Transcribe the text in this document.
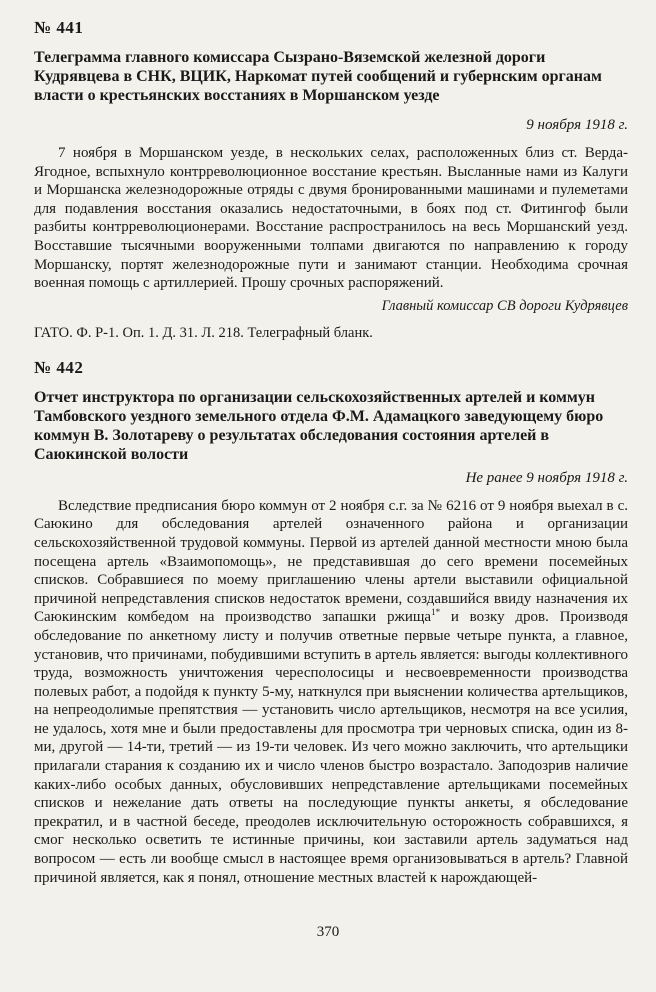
№ 441

Телеграмма главного комиссара Сызрано-Вяземской железной дороги Кудрявцева в СНК, ВЦИК, Наркомат путей сообщений и губернским органам власти о крестьянских восстаниях в Моршанском уезде

9 ноября 1918 г.

7 ноября в Моршанском уезде, в нескольких селах, расположенных близ ст. Верда-Ягодное, вспыхнуло контрреволюционное восстание крестьян. Высланные нами из Калуги и Моршанска железнодорожные отряды с двумя бронированными машинами и пулеметами для подавления восстания оказались недостаточными, в боях под ст. Фитингоф были разбиты контрреволюционерами. Восстание распространилось на весь Моршанский уезд. Восставшие тысячными вооруженными толпами двигаются по направлению к городу Моршанску, портят железнодорожные пути и занимают станции. Необходима срочная военная помощь с артиллерией. Прошу срочных распоряжений.

Главный комиссар СВ дороги Кудрявцев

ГАТО. Ф. Р-1. Оп. 1. Д. 31. Л. 218. Телеграфный бланк.

№ 442

Отчет инструктора по организации сельскохозяйственных артелей и коммун Тамбовского уездного земельного отдела Ф.М. Адамацкого заведующему бюро коммун В. Золотареву о результатах обследования состояния артелей в Саюкинской волости

Не ранее 9 ноября 1918 г.

Вследствие предписания бюро коммун от 2 ноября с.г. за № 6216 от 9 ноября выехал в с. Саюкино для обследования артелей означенного района и организации сельскохозяйственной трудовой коммуны. Первой из артелей данной местности мною была посещена артель «Взаимопомощь», не представившая до сего времени посемейных списков. Собравшиеся по моему приглашению члены артели выставили официальной причиной непредставления списков недостаток времени, создавшийся ввиду назначения их Саюкинским комбедом на производство запашки ржища$^{1*}$ и возку дров. Производя обследование по анкетному листу и получив ответные первые четыре пункта, а главное, установив, что причинами, побудившими вступить в артель является: выгоды коллективного труда, возможность уничтожения чересполосицы и несвоевременности производства полевых работ, а подойдя к пункту 5-му, наткнулся при выяснении количества артельщиков, на непреодолимые препятствия — установить число артельщиков, несмотря на все усилия, не удалось, хотя мне и были предоставлены для просмотра три черновых списка, один из 8-ми, другой — 14-ти, третий — из 19-ти человек. Из чего можно заключить, что артельщики прилагали старания к созданию их и число членов быстро возрастало. Заподозрив наличие каких-либо особых данных, обусловивших непредставление артельщиками посемейных списков и нежелание дать ответы на последующие пункты анкеты, я обследование прекратил, и в частной беседе, преодолев исключительную осторожность собравшихся, я смог несколько осветить те истинные причины, кои заставили артель задуматься над вопросом — есть ли вообще смысл в настоящее время организовываться в артель? Главной причиной является, как я понял, отношение местных властей к нарождающей-

370
